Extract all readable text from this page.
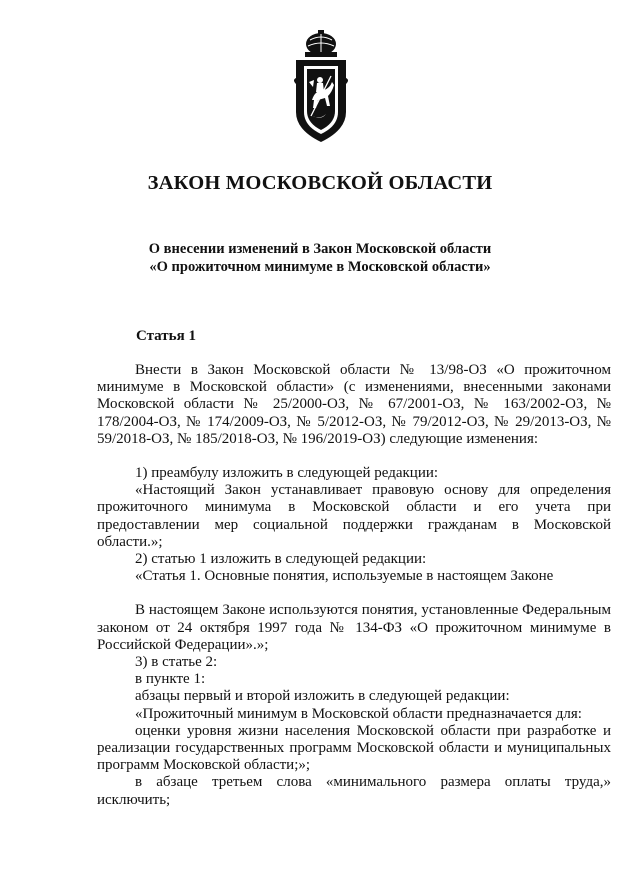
ЗАКОН МОСКОВСКОЙ ОБЛАСТИ
О внесении изменений в Закон Московской области
«О прожиточном минимуме в Московской области»
Статья 1

Внести в Закон Московской области № 13/98-ОЗ «О прожиточном минимуме в Московской области» (с изменениями, внесенными законами Московской области № 25/2000-ОЗ, № 67/2001-ОЗ, № 163/2002-ОЗ, № 178/2004-ОЗ, № 174/2009-ОЗ, № 5/2012-ОЗ, № 79/2012-ОЗ, № 29/2013-ОЗ, № 59/2018-ОЗ, № 185/2018-ОЗ, № 196/2019-ОЗ) следующие изменения:

1) преамбулу изложить в следующей редакции:

«Настоящий Закон устанавливает правовую основу для определения прожиточного минимума в Московской области и его учета при предоставлении мер социальной поддержки гражданам в Московской области.»;

2) статью 1 изложить в следующей редакции:

«Статья 1. Основные понятия, используемые в настоящем Законе

В настоящем Законе используются понятия, установленные Федеральным законом от 24 октября 1997 года № 134-ФЗ «О прожиточном минимуме в Российской Федерации».»;

3) в статье 2:

в пункте 1:

абзацы первый и второй изложить в следующей редакции:

«Прожиточный минимум в Московской области предназначается для:

оценки уровня жизни населения Московской области при разработке и реализации государственных программ Московской области и муниципальных программ Московской области;»;

в абзаце третьем слова «минимального размера оплаты труда,» исключить;
